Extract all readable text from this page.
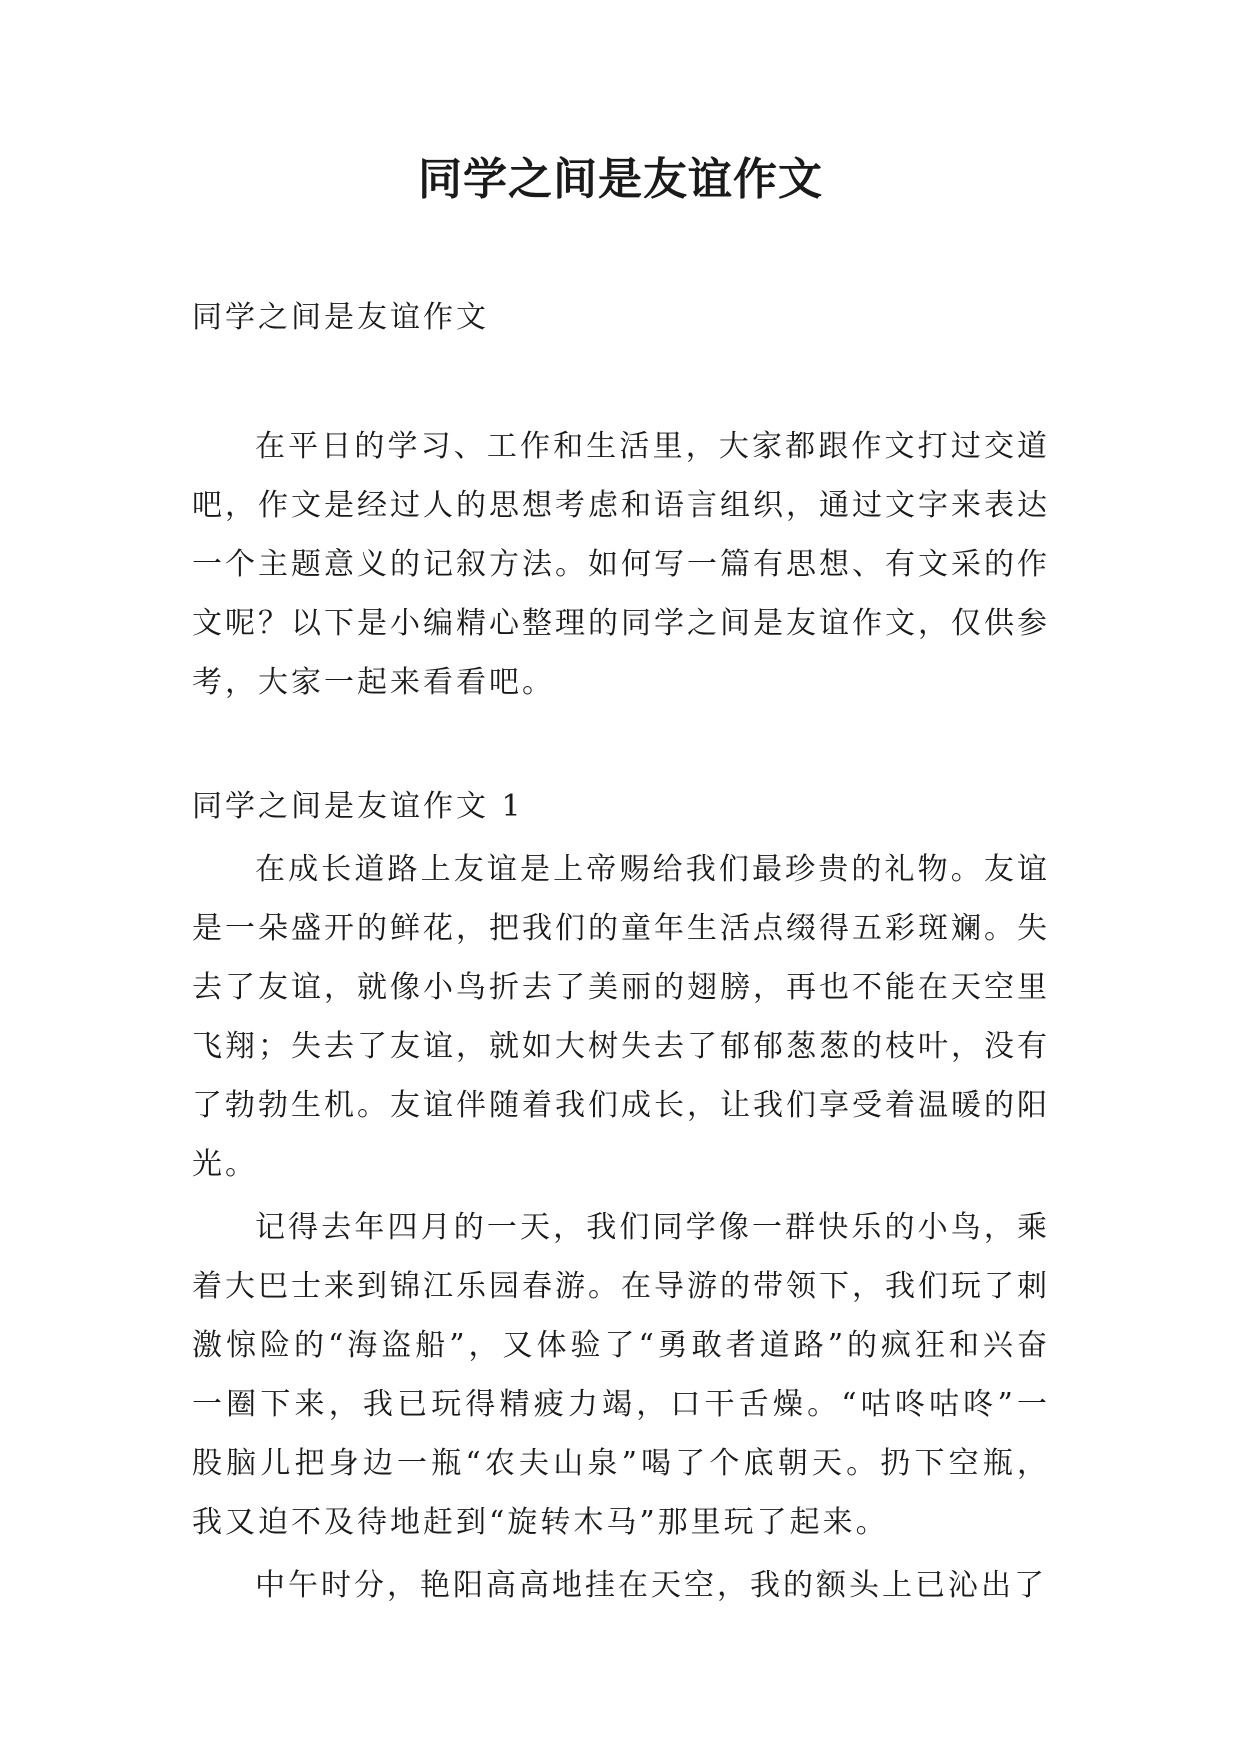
同学之间是友谊作文

同学之间是友谊作文

在平日的学习、工作和生活里，大家都跟作文打过交道吧，作文是经过人的思想考虑和语言组织，通过文字来表达一个主题意义的记叙方法。如何写一篇有思想、有文采的作文呢？以下是小编精心整理的同学之间是友谊作文，仅供参考，大家一起来看看吧。

同学之间是友谊作文 1

在成长道路上友谊是上帝赐给我们最珍贵的礼物。友谊是一朵盛开的鲜花，把我们的童年生活点缀得五彩斑斓。失去了友谊，就像小鸟折去了美丽的翅膀，再也不能在天空里飞翔；失去了友谊，就如大树失去了郁郁葱葱的枝叶，没有了勃勃生机。友谊伴随着我们成长，让我们享受着温暖的阳光。

记得去年四月的一天，我们同学像一群快乐的小鸟，乘着大巴士来到锦江乐园春游。在导游的带领下，我们玩了刺激惊险的“海盗船”，又体验了“勇敢者道路”的疯狂和兴奋一圈下来，我已玩得精疲力竭，口干舌燥。“咕咚咕咚”一股脑儿把身边一瓶“农夫山泉”喝了个底朝天。扔下空瓶，我又迫不及待地赶到“旋转木马”那里玩了起来。

中午时分，艳阳高高地挂在天空，我的额头上已沁出了
